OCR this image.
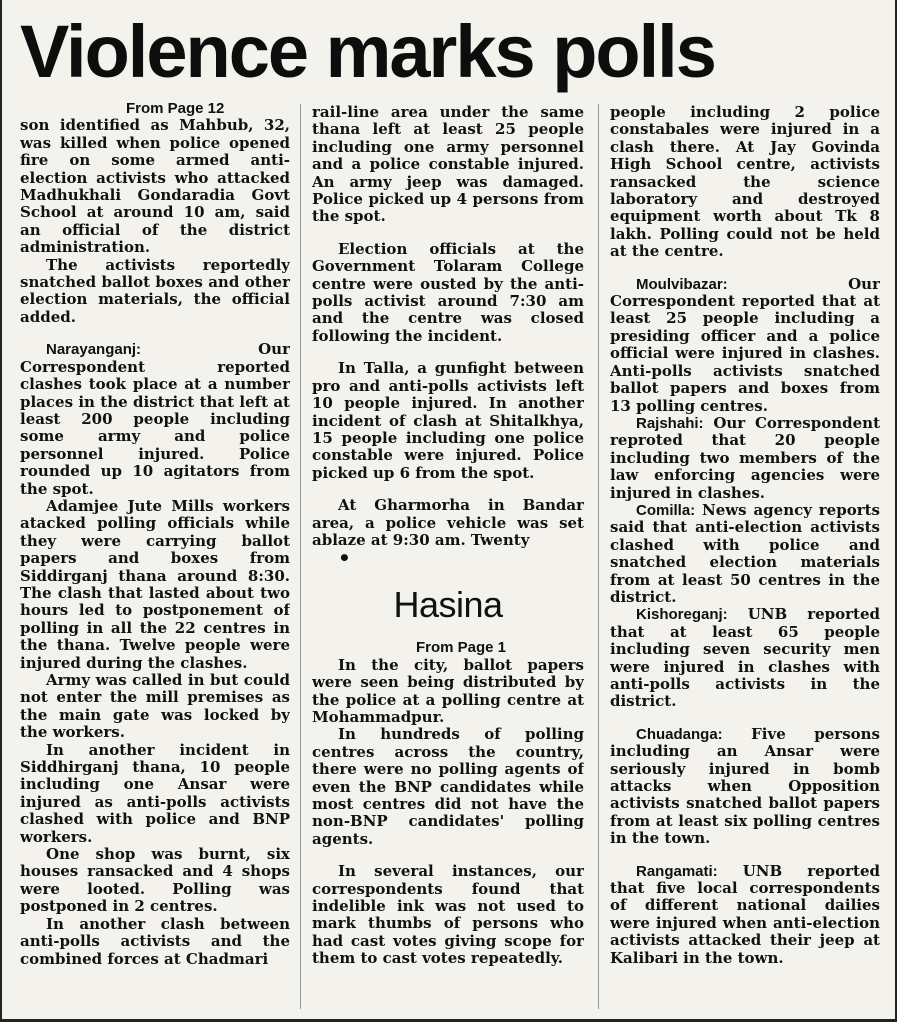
Violence marks polls

From Page 12

son identified as Mahbub, 32, was killed when police opened fire on some armed anti-election activists who attacked Madhukhali Gondaradia Govt School at around 10 am, said an official of the district administration.

The activists reportedly snatched ballot boxes and other election materials, the official added.

Narayanganj: Our Correspondent reported clashes took place at a number places in the district that left at least 200 people including some army and police personnel injured. Police rounded up 10 agitators from the spot.

Adamjee Jute Mills workers atacked polling officials while they were carrying ballot papers and boxes from Siddirganj thana around 8:30. The clash that lasted about two hours led to postponement of polling in all the 22 centres in the thana. Twelve people were injured during the clashes.

Army was called in but could not enter the mill premises as the main gate was locked by the workers.

In another incident in Siddhirganj thana, 10 people including one Ansar were injured as anti-polls activists clashed with police and BNP workers.

One shop was burnt, six houses ransacked and 4 shops were looted. Polling was postponed in 2 centres.

In another clash between anti-polls activists and the combined forces at Chadmari

rail-line area under the same thana left at least 25 people including one army personnel and a police constable injured. An army jeep was damaged. Police picked up 4 persons from the spot.

Election officials at the Government Tolaram College centre were ousted by the anti-polls activist around 7:30 am and the centre was closed following the incident.

In Talla, a gunfight between pro and anti-polls activists left 10 people injured. In another incident of clash at Shitalkhya, 15 people including one police constable were injured. Police picked up 6 from the spot.

At Gharmorha in Bandar area, a police vehicle was set ablaze at 9:30 am. Twenty

•

Hasina

From Page 1

In the city, ballot papers were seen being distributed by the police at a polling centre at Mohammadpur.

In hundreds of polling centres across the country, there were no polling agents of even the BNP candidates while most centres did not have the non-BNP candidates' polling agents.

In several instances, our correspondents found that indelible ink was not used to mark thumbs of persons who had cast votes giving scope for them to cast votes repeatedly.

people including 2 police constabales were injured in a clash there. At Jay Govinda High School centre, activists ransacked the science laboratory and destroyed equipment worth about Tk 8 lakh. Polling could not be held at the centre.

Moulvibazar: Our Correspondent reported that at least 25 people including a presiding officer and a police official were injured in clashes. Anti-polls activists snatched ballot papers and boxes from 13 polling centres.

Rajshahi: Our Correspondent reproted that 20 people including two members of the law enforcing agencies were injured in clashes.

Comilla: News agency reports said that anti-election activists clashed with police and snatched election materials from at least 50 centres in the district.

Kishoreganj: UNB reported that at least 65 people including seven security men were injured in clashes with anti-polls activists in the district.

Chuadanga: Five persons including an Ansar were seriously injured in bomb attacks when Opposition activists snatched ballot papers from at least six polling centres in the town.

Rangamati: UNB reported that five local correspondents of different national dailies were injured when anti-election activists attacked their jeep at Kalibari in the town.
